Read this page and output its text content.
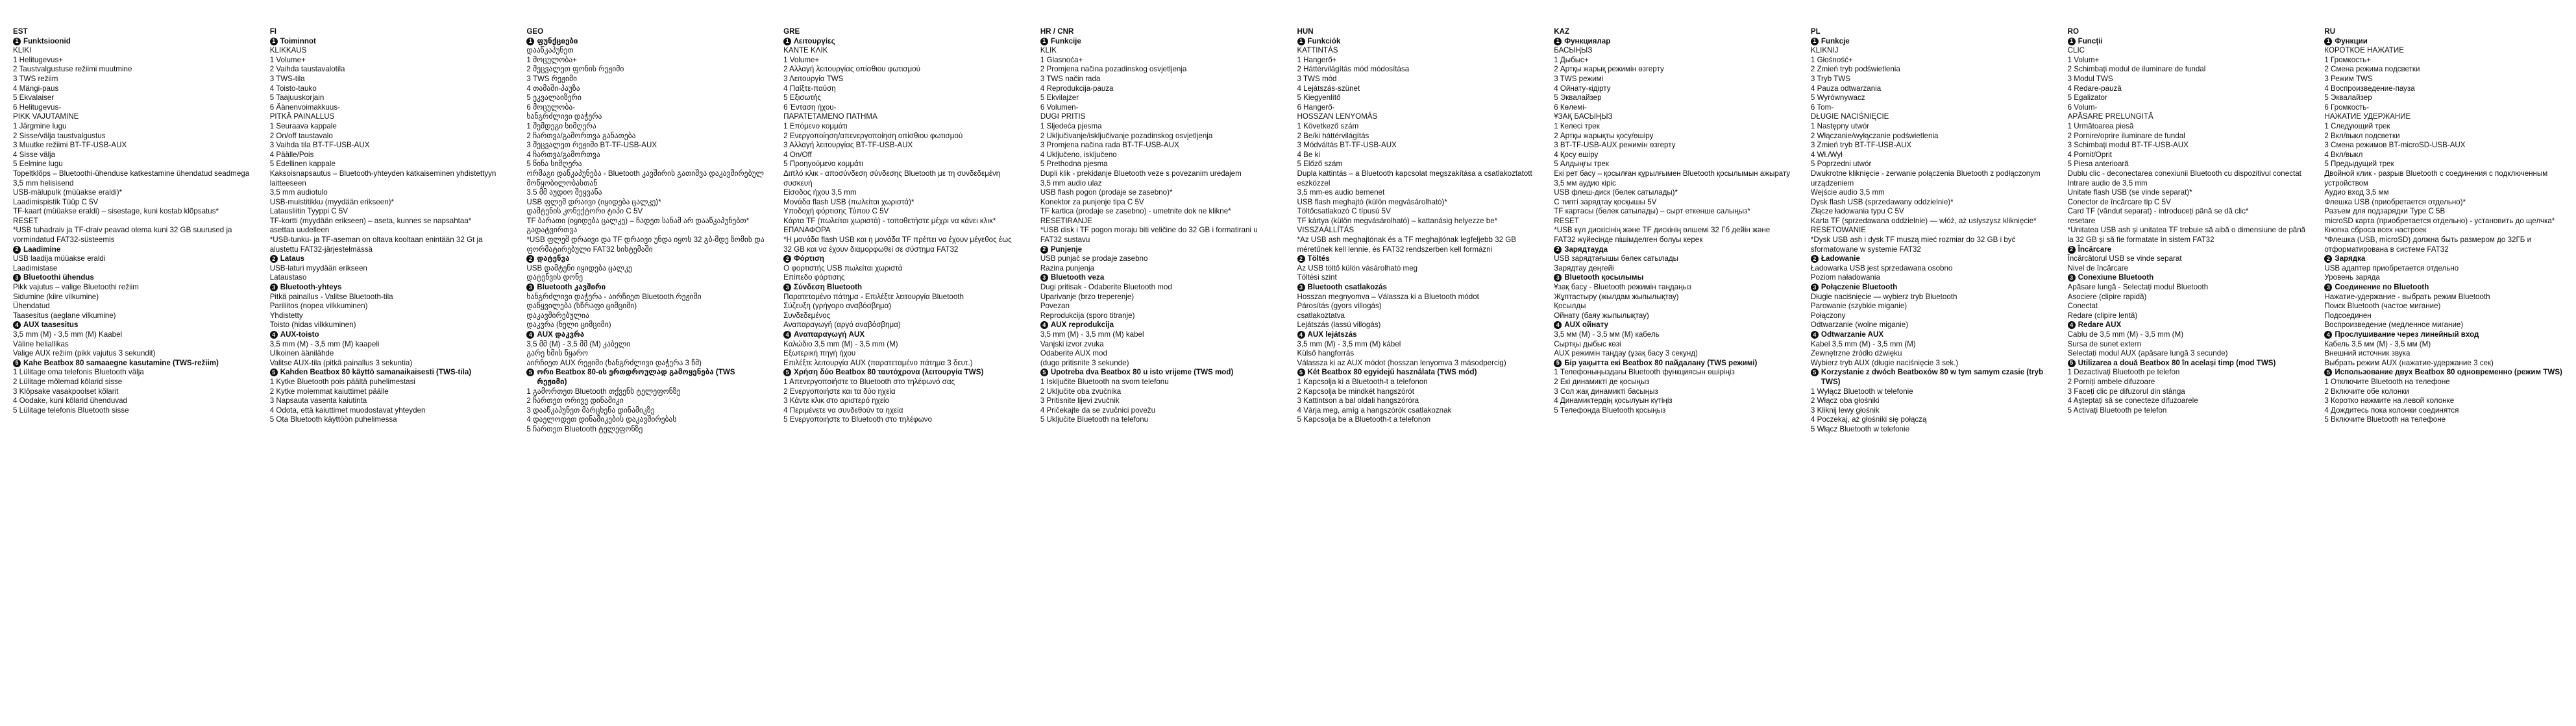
EST
1 Funktsioonid
KLIKI
1 Helitugevus+
2 Taustvalgustuse režiimi muutmine
3 TWS režiim
4 Mängi-paus
5 Ekvalaiser
6 Helitugevus-
PIKK VAJUTAMINE
1 Järgmine lugu
2 Sisse/välja taustvalgustus
3 Muutke režiimi BT-TF-USB-AUX
4 Sisse välja
5 Eelmine lugu
Topeltklõps – Bluetoothi-ühenduse katkestamine ühendatud seadmega
3,5 mm helisisend
USB-mälupulk (müüakse eraldi)*
Laadimispistik Tüüp C 5V
TF-kaart (müüakse eraldi) – sisestage, kuni kostab klõpsatus*
RESET
*USB tuhadraiv ja TF-draiv peavad olema kuni 32 GB suurused ja vormindatud FAT32-süsteemis
2 Laadimine
USB laadija müüakse eraldi
Laadimistase
3 Bluetoothi ühendus
Pikk vajutus – valige Bluetoothi režiim
Sidumine (kiire vilkumine)
Ühendatud
Taasesitus (aeglane vilkumine)
4 AUX taasesitus
3,5 mm (M) - 3,5 mm (M) Kaabel
Väline heliallikas
Valige AUX režiim (pikk vajutus 3 sekundit)
5 Kahe Beatbox 80 samaaegne kasutamine (TWS-režiim)
1 Lülitage oma telefonis Bluetooth välja
2 Lülitage mõlemad kõlarid sisse
3 Klõpsake vasakpoolset kõlarit
4 Oodake, kuni kõlarid ühenduvad
5 Lülitage telefonis Bluetooth sisse
FI
1 Toiminnot
KLIKKAUS
1 Volume+
2 Vaihda taustavalotila
3 TWS-tila
4 Toisto-tauko
5 Taajuuskorjain
6 Äänenvoimakkuus-
PITKÄ PAINALLUS
1 Seuraava kappale
2 On/off taustavalo
3 Vaihda tila BT-TF-USB-AUX
4 Päälle/Pois
5 Edellinen kappale
Kaksoisnapsautus – Bluetooth-yhteyden katkaiseminen yhdistettyyn laitteeseen
3,5 mm audiotulo
USB-muistitikku (myydään erikseen)*
Latausliitin Tyyppi C 5V
TF-kortti (myydään erikseen) – aseta, kunnes se napsahtaa*
asettaa uudelleen
*USB-tunku- ja TF-aseman on oltava kooltaan enintään 32 Gt ja alustettu FAT32-järjestelmässä
2 Lataus
USB-laturi myydään erikseen
Lataustaso
3 Bluetooth-yhteys
Pitkä painallus - Valitse Bluetooth-tila
Pariliitos (nopea vilkkuminen)
Yhdistetty
Toisto (hidas vilkkuminen)
4 AUX-toisto
3,5 mm (M) - 3,5 mm (M) kaapeli
Ulkoinen äänilähde
Valitse AUX-tila (pitkä painallus 3 sekuntia)
5 Kahden Beatbox 80 käyttö samanaikaisesti (TWS-tila)
1 Kytke Bluetooth pois päältä puhelimestasi
2 Kytke molemmat kaiuttimet päälle
3 Napsauta vasenta kaiutinta
4 Odota, että kaiuttimet muodostavat yhteyden
5 Ota Bluetooth käyttöön puhelimessa
GEO
1 ფუნქციები
დააწკაპუნეთ
1 მოცულობა+
2 შეცვალეთ ფონის რეჟიმი
3 TWS რეჟიმი
4 თამაში-პაუზა
5 ეკვალაიზერი
6 მოცულობა-
ხანგრძლივი დაჭერა
1 შემდეგი სიმღერა
2 ჩართვა/გამორთვა განათება
3 შეცვალეთ რეჟიმი BT-TF-USB-AUX
4 ჩართვა/გამორთვა
5 წინა სიმღერა
ორმაგი დაწკაპუნება - Bluetooth კავშირის გათიშვა დაკავშირებულ მოწყობილობასთან
3.5 მმ აუდიო შეყვანა
USB ფლეშ დრაივი (იყიდება ცალკე)*
დამტენის კონექტორი ტიპი C 5V
TF ბარათი (იყიდება ცალკე) – ჩადეთ სანამ არ დააწკაპუნებთ*
გადატვირთვა
*USB ფლეშ დრაივი და TF დრაივი უნდა იყოს 32 გბ-მდე ზომის და ფორმატირებული FAT32 სისტემაში
2 დატენვა
USB დამტენი იყიდება ცალკე
დატენვის დონე
3 Bluetooth კავშირი
ხანგრძლივი დაჭერა - აირჩიეთ Bluetooth რეჟიმი
დაწყვილება (სწრაფი ციმციმი)
დაკავშირებულია
დაკვრა (ნელი ციმციმი)
4 AUX დაკვრა
3,5 მმ (M) - 3,5 მმ (M) კაბელი
გარე ხმის წყარო
აირჩიეთ AUX რეჟიმი (ხანგრძლივი დაჭერა 3 წმ)
5 ორი Beatbox 80-ის ერთდროულად გამოყენება (TWS რეჟიმი)
1 გამორთეთ Bluetooth თქვენს ტელეფონზე
2 ჩართეთ ორივე დინამიკი
3 დააწკაპუნეთ მარცხენა დინამიკზე
4 დაელოდეთ დინამიკების დაკავშირებას
5 ჩართეთ Bluetooth ტელეფონზე
GRE
1 Λειτουργίες
ΚΑΝΤΕ ΚΛΙΚ
1 Volume+
2 Αλλαγή λειτουργίας οπίσθιου φωτισμού
3 Λειτουργία TWS
4 Παίξτε-παύση
5 Εξισωτής
6 Ένταση ήχου-
ΠΑΡΑΤΕΤΑΜΕΝΟ ΠΑΤΗΜΑ
1 Επόμενο κομμάτι
2 Ενεργοποίηση/απενεργοποίηση οπίσθιου φωτισμού
3 Αλλαγή λειτουργίας BT-TF-USB-AUX
4 On/Off
5 Προηγούμενο κομμάτι
Διπλό κλικ - αποσύνδεση σύνδεσης Bluetooth με τη συνδεδεμένη συσκευή
Είσοδος ήχου 3,5 mm
Μονάδα flash USB (πωλείται χωριστά)*
Υποδοχή φόρτισης Τύπου C 5V
Κάρτα TF (πωλείται χωριστά) - τοποθετήστε μέχρι να κάνει κλικ*
ΕΠΑΝΑΦΟΡΑ
*Η μονάδα flash USB και η μονάδα TF πρέπει να έχουν μέγεθος έως 32 GB και να έχουν διαμορφωθεί σε σύστημα FAT32
2 Φόρτιση
Ο φορτιστής USB πωλείται χωριστά
Επίπεδο φόρτισης
3 Σύνδεση Bluetooth
Παρατεταμένο πάτημα - Επιλέξτε λειτουργία Bluetooth
Σύζευξη (γρήγορο αναβόσβημα)
Συνδεδεμένος
Αναπαραγωγή (αργό αναβόσβημα)
4 Αναπαραγωγή AUX
Καλώδιο 3,5 mm (M) - 3,5 mm (M)
Εξωτερική πηγή ήχου
Επιλέξτε λειτουργία AUX (παρατεταμένο πάτημα 3 δευτ.)
5 Χρήση δύο Beatbox 80 ταυτόχρονα (λειτουργία TWS)
1 Απενεργοποιήστε το Bluetooth στο τηλέφωνό σας
2 Ενεργοποιήστε και τα δύο ηχεία
3 Κάντε κλικ στο αριστερό ηχείο
4 Περιμένετε να συνδεθούν τα ηχεία
5 Ενεργοποιήστε το Bluetooth στο τηλέφωνο
HR / CNR
1 Funkcije
KLIK
1 Glasnoća+
2 Promjena načina pozadinskog osvjetljenja
3 TWS način rada
4 Reprodukcija-pauza
5 Ekvilajzer
6 Volumen-
DUGI PRITIS
1 Sljedeća pjesma
2 Uključivanje/isključivanje pozadinskog osvjetljenja
3 Promjena načina rada BT-TF-USB-AUX
4 Uključeno, isključeno
5 Prethodna pjesma
Dupli klik - prekidanje Bluetooth veze s povezanim uređajem
3,5 mm audio ulaz
USB flash pogon (prodaje se zasebno)*
Konektor za punjenje tipa C 5V
TF kartica (prodaje se zasebno) - umetnite dok ne klikne*
RESETIRANJE
*USB disk i TF pogon moraju biti veličine do 32 GB i formatirani u FAT32 sustavu
2 Punjenje
USB punjač se prodaje zasebno
Razina punjenja
3 Bluetooth veza
Dugi pritisak - Odaberite Bluetooth mod
Uparivanje (brzo treperenje)
Povezan
Reprodukcija (sporo titranje)
4 AUX reprodukcija
3,5 mm (M) - 3,5 mm (M) kabel
Vanjski izvor zvuka
Odaberite AUX mod
(dugo pritisnite 3 sekunde)
5 Upotreba dva Beatbox 80 u isto vrijeme (TWS mod)
1 Isključite Bluetooth na svom telefonu
2 Uključite oba zvučnika
3 Pritisnite lijevi zvučnik
4 Pričekajte da se zvučnici povežu
5 Uključite Bluetooth na telefonu
HUN
1 Funkciók
KATTINTÁS
1 Hangerő+
2 Háttérvilágítás mód módosítása
3 TWS mód
4 Lejátszás-szünet
5 Kiegyenlítő
6 Hangerő-
HOSSZAN LENYOMÁS
1 Következő szám
2 Be/ki háttérvilágítás
3 Módváltás BT-TF-USB-AUX
4 Be ki
5 Előző szám
Dupla kattintás – a Bluetooth kapcsolat megszakítása a csatlakoztatott eszközzel
3,5 mm-es audio bemenet
USB flash meghajtó (külön megvásárolható)*
Töltőcsatlakozó C típusú 5V
TF kártya (külön megvásárolható) – kattanásig helyezze be*
VISSZAÁLLÍTÁS
*Az USB ash meghajtónak és a TF meghajtónak legfeljebb 32 GB méretűnek kell lennie, és FAT32 rendszerben kell formázni
2 Töltés
Az USB töltő külön vásárolható meg
Töltési szint
3 Bluetooth csatlakozás
Hosszan megnyomva – Válassza ki a Bluetooth módot
Párosítás (gyors villogás)
csatlakoztatva
Lejátszás (lassú villogás)
4 AUX lejátszás
3,5 mm (M) - 3,5 mm (M) kábel
Külső hangforrás
Válassza ki az AUX módot (hosszan lenyomva 3 másodpercig)
5 Két Beatbox 80 egyidejű használata (TWS mód)
1 Kapcsolja ki a Bluetooth-t a telefonon
2 Kapcsolja be mindkét hangszórót
3 Kattintson a bal oldali hangszóróra
4 Várja meg, amíg a hangszórók csatlakoznak
5 Kapcsolja be a Bluetooth-t a telefonon
KAZ
1 Функциялар
БАСЫҢЫЗ
1 Дыбыс+
2 Артқы жарық режимін өзгерту
3 TWS режимі
4 Ойнату-кідірту
5 Эквалайзер
6 Көлемі-
ҰЗАҚ БАСЫҢЫЗ
1 Келесі трек
2 Артқы жарықты қосу/өшіру
3 BT-TF-USB-AUX режимін өзгерту
4 Қосу өшіру
5 Алдыңғы трек
Екі рет басу – қосылған құрылғымен Bluetooth қосылымын ажырату
3,5 мм аудио кіріс
USB флеш-диск (бөлек сатылады)*
C типті зарядтау қосқышы 5V
TF картасы (бөлек сатылады) – сырт еткенше салыңыз*
RESET
*USB күл дискісінің және TF дискінің өлшемі 32 Гб дейін және FAT32 жүйесінде пішімделген болуы керек
2 Зарядтауда
USB зарядтағышы бөлек сатылады
Зарядтау деңгейі
3 Bluetooth қосылымы
Ұзақ басу - Bluetooth режимін таңдаңыз
Жұптастыру (жылдам жыпылықтау)
Қосылды
Ойнату (баяу жыпылықтау)
4 AUX ойнату
3,5 мм (M) - 3,5 мм (M) кабель
Сыртқы дыбыс көзі
AUX режимін таңдау (ұзақ басу 3 секунд)
5 Бір уақытта екі Beatbox 80 пайдалану (TWS режимі)
1 Телефоныңыздағы Bluetooth функциясын өшіріңіз
2 Екі динамикті де қосыңыз
3 Сол жақ динамикті басыңыз
4 Динамиктердің қосылуын күтіңіз
5 Телефонда Bluetooth қосыңыз
PL
1 Funkcje
KLIKNIJ
1 Głośność+
2 Zmień tryb podświetlenia
3 Tryb TWS
4 Pauza odtwarzania
5 Wyrównywacz
6 Tom-
DŁUGIE NACIŚNIĘCIE
1 Następny utwór
2 Włączanie/wyłączanie podświetlenia
3 Zmień tryb BT-TF-USB-AUX
4 Wł./Wył
5 Poprzedni utwór
Dwukrotne kliknięcie - zerwanie połączenia Bluetooth z podłączonym urządzeniem
Wejście audio 3,5 mm
Dysk flash USB (sprzedawany oddzielnie)*
Złącze ładowania typu C 5V
Karta TF (sprzedawana oddzielnie) — włóż, aż usłyszysz kliknięcie*
RESETOWANIE
*Dysk USB ash i dysk TF muszą mieć rozmiar do 32 GB i być sformatowane w systemie FAT32
2 Ładowanie
Ładowarka USB jest sprzedawana osobno
Poziom naładowania
3 Połączenie Bluetooth
Długie naciśnięcie — wybierz tryb Bluetooth
Parowanie (szybkie miganie)
Połączony
Odtwarzanie (wolne miganie)
4 Odtwarzanie AUX
Kabel 3,5 mm (M) - 3,5 mm (M)
Zewnętrzne źródło dźwięku
Wybierz tryb AUX (długie naciśnięcie 3 sek.)
5 Korzystanie z dwóch Beatboxów 80 w tym samym czasie (tryb TWS)
1 Wyłącz Bluetooth w telefonie
2 Włącz oba głośniki
3 Kliknij lewy głośnik
4 Poczekaj, aż głośniki się połączą
5 Włącz Bluetooth w telefonie
RO
1 Funcții
CLIC
1 Volum+
2 Schimbați modul de iluminare de fundal
3 Modul TWS
4 Redare-pauză
5 Egalizator
6 Volum-
APĂSARE PRELUNGITĂ
1 Următoarea piesă
2 Pornire/oprire iluminare de fundal
3 Schimbați modul BT-TF-USB-AUX
4 Pornit/Oprit
5 Piesa anterioară
Dublu clic - deconectarea conexiunii Bluetooth cu dispozitivul conectat
Intrare audio de 3,5 mm
Unitate flash USB (se vinde separat)*
Conector de încărcare tip C 5V
Card TF (vândut separat) - introduceți până se dă clic*
resetare
*Unitatea USB ash și unitatea TF trebuie să aibă o dimensiune de până la 32 GB și să fie formatate în sistem FAT32
2 Încărcare
Încărcătorul USB se vinde separat
Nivel de încărcare
3 Conexiune Bluetooth
Apăsare lungă - Selectați modul Bluetooth
Asociere (clipire rapidă)
Conectat
Redare (clipire lentă)
4 Redare AUX
Cablu de 3,5 mm (M) - 3,5 mm (M)
Sursa de sunet extern
Selectați modul AUX (apăsare lungă 3 secunde)
5 Utilizarea a două Beatbox 80 în același timp (mod TWS)
1 Dezactivați Bluetooth pe telefon
2 Porniți ambele difuzoare
3 Faceți clic pe difuzorul din stânga
4 Așteptați să se conecteze difuzoarele
5 Activați Bluetooth pe telefon
RU
1 Функции
КОРОТКОЕ НАЖАТИЕ
1 Громкость+
2 Смена режима подсветки
3 Режим TWS
4 Воспроизведение-пауза
5 Эквалайзер
6 Громкость-
НАЖАТИЕ УДЕРЖАНИЕ
1 Следующий трек
2 Вкл/выкл подсветки
3 Смена режимов BT-microSD-USB-AUX
4 Вкл/выкл
5 Предыдущий трек
Двойной клик - разрыв Bluetooth с соединения с подключенным устройством
Аудио вход 3,5 мм
Флешка USB (приобретается отдельно)*
Разъем для подзарядки Type C 5В
microSD карта (приобретается отдельно) - установить до щелчка*
Кнопка сброса всех настроек
*Флешка (USB, microSD) должна быть размером до 32ГБ и отформатирована в системе FAT32
2 Зарядка
USB адаптер приобретается отдельно
Уровень заряда
3 Соединение по Bluetooth
Нажатие-удержание - выбрать режим Bluetooth
Поиск Bluetooth (частое мигание)
Подсоединен
Воспроизведение (медленное мигание)
4 Прослушивание через линейный вход
Кабель 3,5 мм (M) - 3,5 мм (M)
Внешний источник звука
Выбрать режим AUX (нажатие-удержание 3 сек)
5 Использование двух Beatbox 80 одновременно (режим TWS)
1 Отключите Bluetooth на телефоне
2 Включите обе колонки
3 Коротко нажмите на левой колонке
4 Дождитесь пока колонки соединятся
5 Включите Bluetooth на телефоне
